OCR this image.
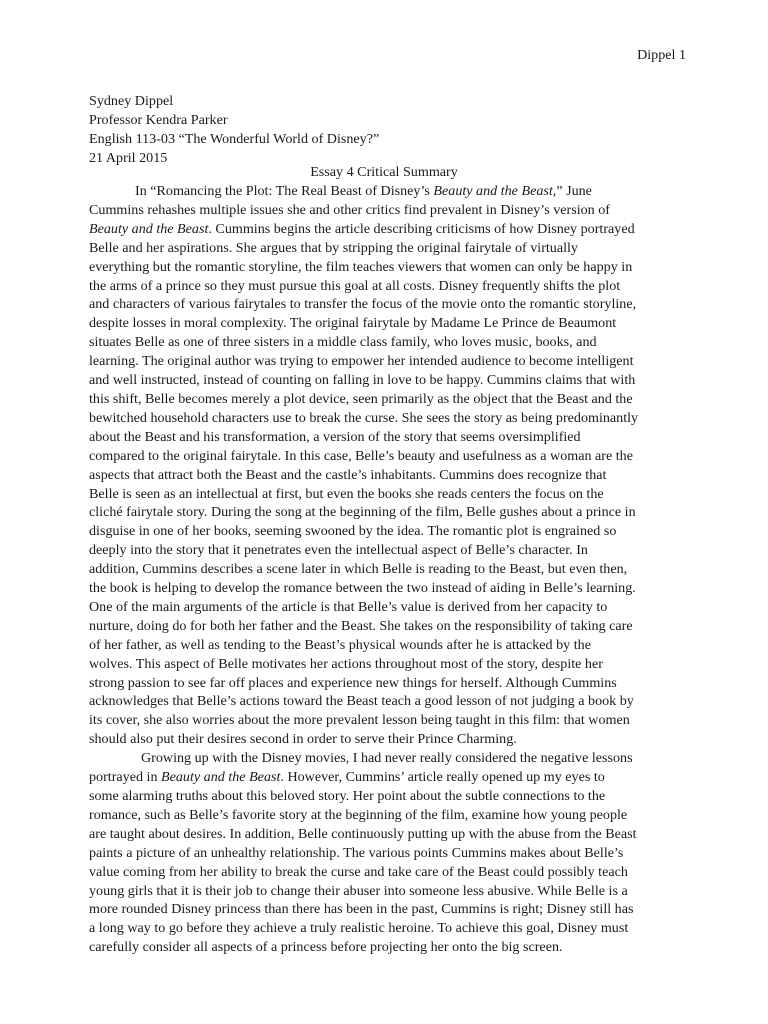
Dippel 1
Sydney Dippel
Professor Kendra Parker
English 113-03 “The Wonderful World of Disney?”
21 April 2015
Essay 4 Critical Summary
In “Romancing the Plot: The Real Beast of Disney’s Beauty and the Beast,” June
Cummins rehashes multiple issues she and other critics find prevalent in Disney’s version of
Beauty and the Beast. Cummins begins the article describing criticisms of how Disney portrayed
Belle and her aspirations. She argues that by stripping the original fairytale of virtually
everything but the romantic storyline, the film teaches viewers that women can only be happy in
the arms of a prince so they must pursue this goal at all costs. Disney frequently shifts the plot
and characters of various fairytales to transfer the focus of the movie onto the romantic storyline,
despite losses in moral complexity. The original fairytale by Madame Le Prince de Beaumont
situates Belle as one of three sisters in a middle class family, who loves music, books, and
learning. The original author was trying to empower her intended audience to become intelligent
and well instructed, instead of counting on falling in love to be happy. Cummins claims that with
this shift, Belle becomes merely a plot device, seen primarily as the object that the Beast and the
bewitched household characters use to break the curse. She sees the story as being predominantly
about the Beast and his transformation, a version of the story that seems oversimplified
compared to the original fairytale. In this case, Belle’s beauty and usefulness as a woman are the
aspects that attract both the Beast and the castle’s inhabitants. Cummins does recognize that
Belle is seen as an intellectual at first, but even the books she reads centers the focus on the
cliché fairytale story. During the song at the beginning of the film, Belle gushes about a prince in
disguise in one of her books, seeming swooned by the idea. The romantic plot is engrained so
deeply into the story that it penetrates even the intellectual aspect of Belle’s character. In
addition, Cummins describes a scene later in which Belle is reading to the Beast, but even then,
the book is helping to develop the romance between the two instead of aiding in Belle’s learning.
One of the main arguments of the article is that Belle’s value is derived from her capacity to
nurture, doing do for both her father and the Beast. She takes on the responsibility of taking care
of her father, as well as tending to the Beast’s physical wounds after he is attacked by the
wolves. This aspect of Belle motivates her actions throughout most of the story, despite her
strong passion to see far off places and experience new things for herself. Although Cummins
acknowledges that Belle’s actions toward the Beast teach a good lesson of not judging a book by
its cover, she also worries about the more prevalent lesson being taught in this film: that women
should also put their desires second in order to serve their Prince Charming.
Growing up with the Disney movies, I had never really considered the negative lessons
portrayed in Beauty and the Beast. However, Cummins’ article really opened up my eyes to
some alarming truths about this beloved story. Her point about the subtle connections to the
romance, such as Belle’s favorite story at the beginning of the film, examine how young people
are taught about desires. In addition, Belle continuously putting up with the abuse from the Beast
paints a picture of an unhealthy relationship. The various points Cummins makes about Belle’s
value coming from her ability to break the curse and take care of the Beast could possibly teach
young girls that it is their job to change their abuser into someone less abusive. While Belle is a
more rounded Disney princess than there has been in the past, Cummins is right; Disney still has
a long way to go before they achieve a truly realistic heroine. To achieve this goal, Disney must
carefully consider all aspects of a princess before projecting her onto the big screen.
